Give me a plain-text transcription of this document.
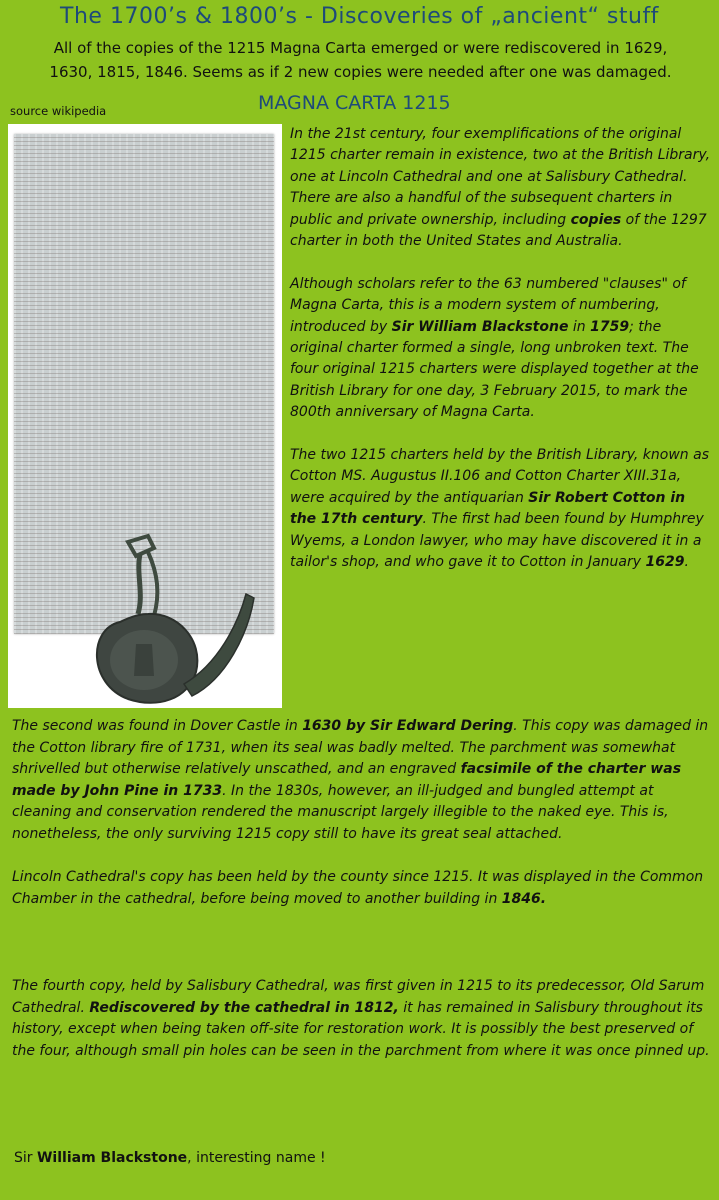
The 1700’s & 1800’s - Discoveries of „ancient“ stuff
All of the copies of the 1215 Magna Carta emerged or were rediscovered in 1629,
1630, 1815, 1846. Seems as if 2 new copies were needed after one was damaged.
source wikipedia	MAGNA CARTA 1215

In the 21st century, four exemplifications of the original 1215 charter remain in existence, two at the British Library, one at Lincoln Cathedral and one at Salisbury Cathedral. There are also a handful of the subsequent charters in public and private ownership, including copies of the 1297 charter in both the United States and Australia.

Although scholars refer to the 63 numbered "clauses" of Magna Carta, this is a modern system of numbering, introduced by Sir William Blackstone in 1759; the original charter formed a single, long unbroken text. The four original 1215 charters were displayed together at the British Library for one day, 3 February 2015, to mark the 800th anniversary of Magna Carta.

The two 1215 charters held by the British Library, known as Cotton MS. Augustus II.106 and Cotton Charter XIII.31a, were acquired by the antiquarian Sir Robert Cotton in the 17th century. The first had been found by Humphrey Wyems, a London lawyer, who may have discovered it in a tailor's shop, and who gave it to Cotton in January 1629.

The second was found in Dover Castle in 1630 by Sir Edward Dering. This copy was damaged in the Cotton library fire of 1731, when its seal was badly melted. The parchment was somewhat shrivelled but otherwise relatively unscathed, and an engraved facsimile of the charter was made by John Pine in 1733. In the 1830s, however, an ill-judged and bungled attempt at cleaning and conservation rendered the manuscript largely illegible to the naked eye. This is, nonetheless, the only surviving 1215 copy still to have its great seal attached.

Lincoln Cathedral's copy has been held by the county since 1215. It was displayed in the Common Chamber in the cathedral, before being moved to another building in 1846.

The fourth copy, held by Salisbury Cathedral, was first given in 1215 to its predecessor, Old Sarum Cathedral. Rediscovered by the cathedral in 1812, it has remained in Salisbury throughout its history, except when being taken off-site for restoration work. It is possibly the best preserved of the four, although small pin holes can be seen in the parchment from where it was once pinned up.

Sir William Blackstone, interesting name !
